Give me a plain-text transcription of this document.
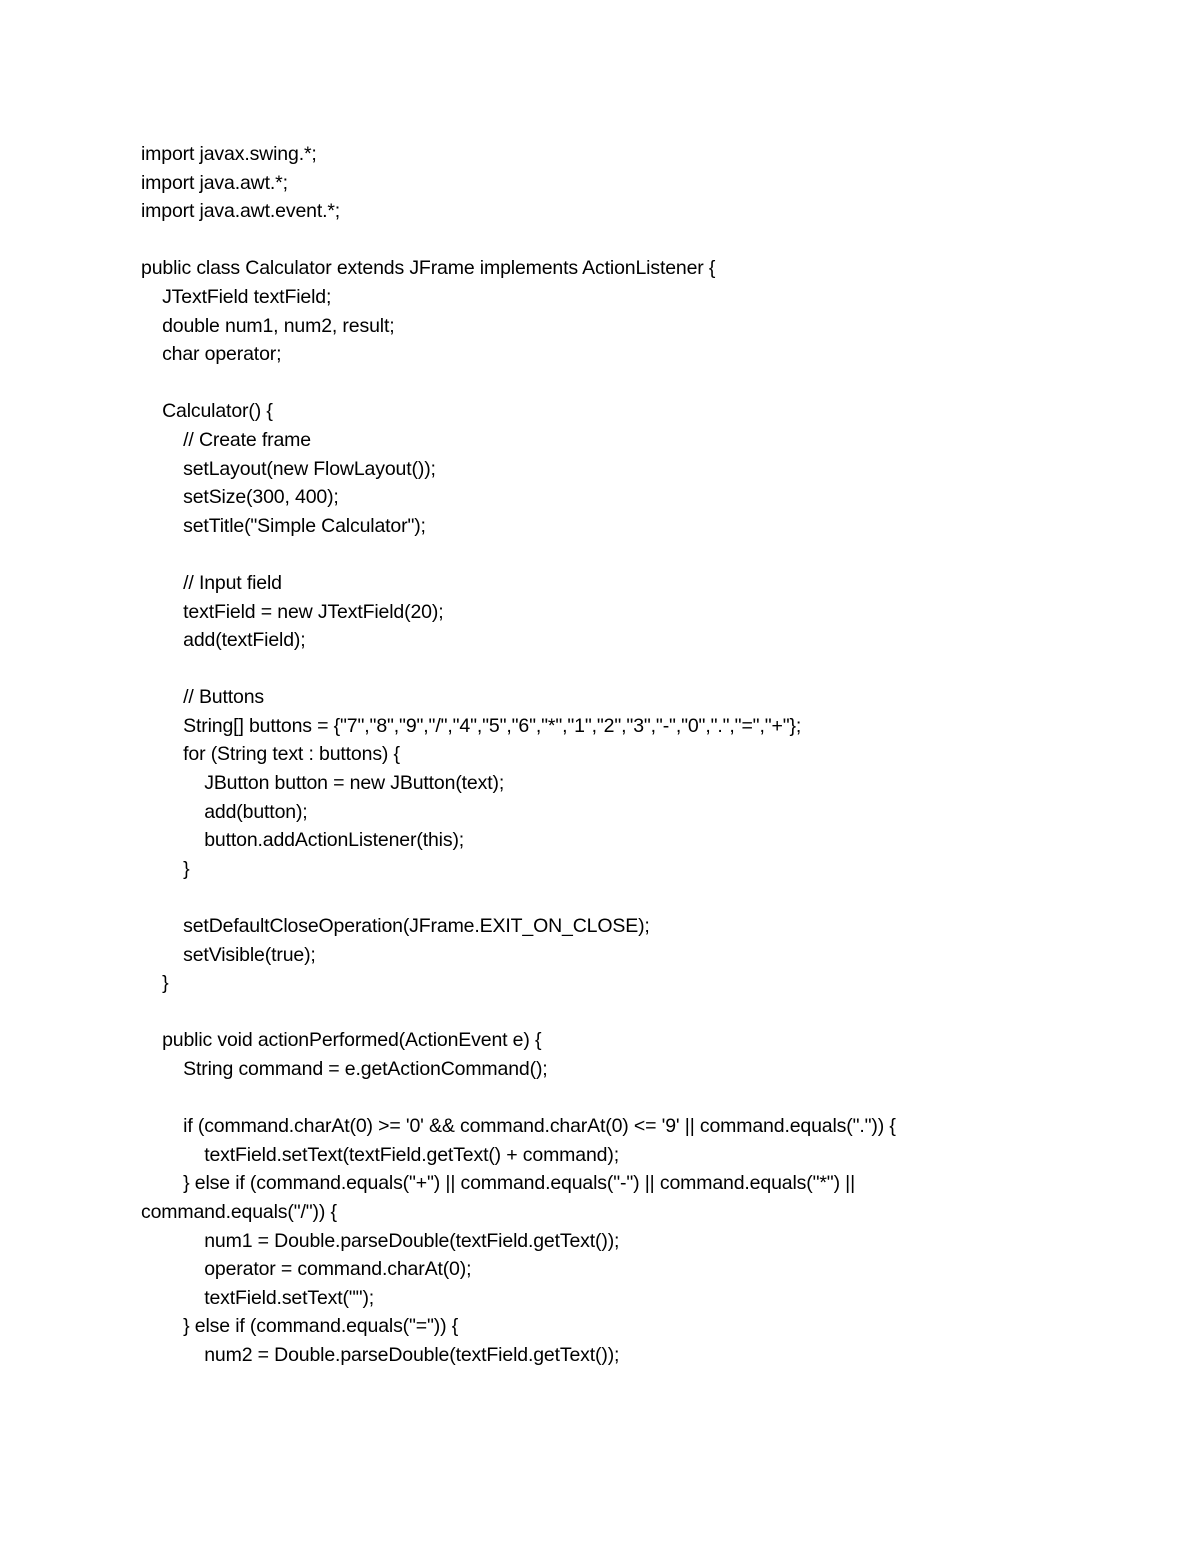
import javax.swing.*;
import java.awt.*;
import java.awt.event.*;
public class Calculator extends JFrame implements ActionListener {
JTextField textField;
double num1, num2, result;
char operator;
Calculator() {
// Create frame
setLayout(new FlowLayout());
setSize(300, 400);
setTitle("Simple Calculator");
// Input field
textField = new JTextField(20);
add(textField);
// Buttons
String[] buttons = {"7","8","9","/","4","5","6","*","1","2","3","-","0",".","=","+"};
for (String text : buttons) {
JButton button = new JButton(text);
add(button);
button.addActionListener(this);
}
setDefaultCloseOperation(JFrame.EXIT_ON_CLOSE);
setVisible(true);
}
public void actionPerformed(ActionEvent e) {
String command = e.getActionCommand();
if (command.charAt(0) >= '0' && command.charAt(0) <= '9' || command.equals(".")) {
textField.setText(textField.getText() + command);
} else if (command.equals("+") || command.equals("-") || command.equals("*") ||
command.equals("/")) {
num1 = Double.parseDouble(textField.getText());
operator = command.charAt(0);
textField.setText("");
} else if (command.equals("=")) {
num2 = Double.parseDouble(textField.getText());
